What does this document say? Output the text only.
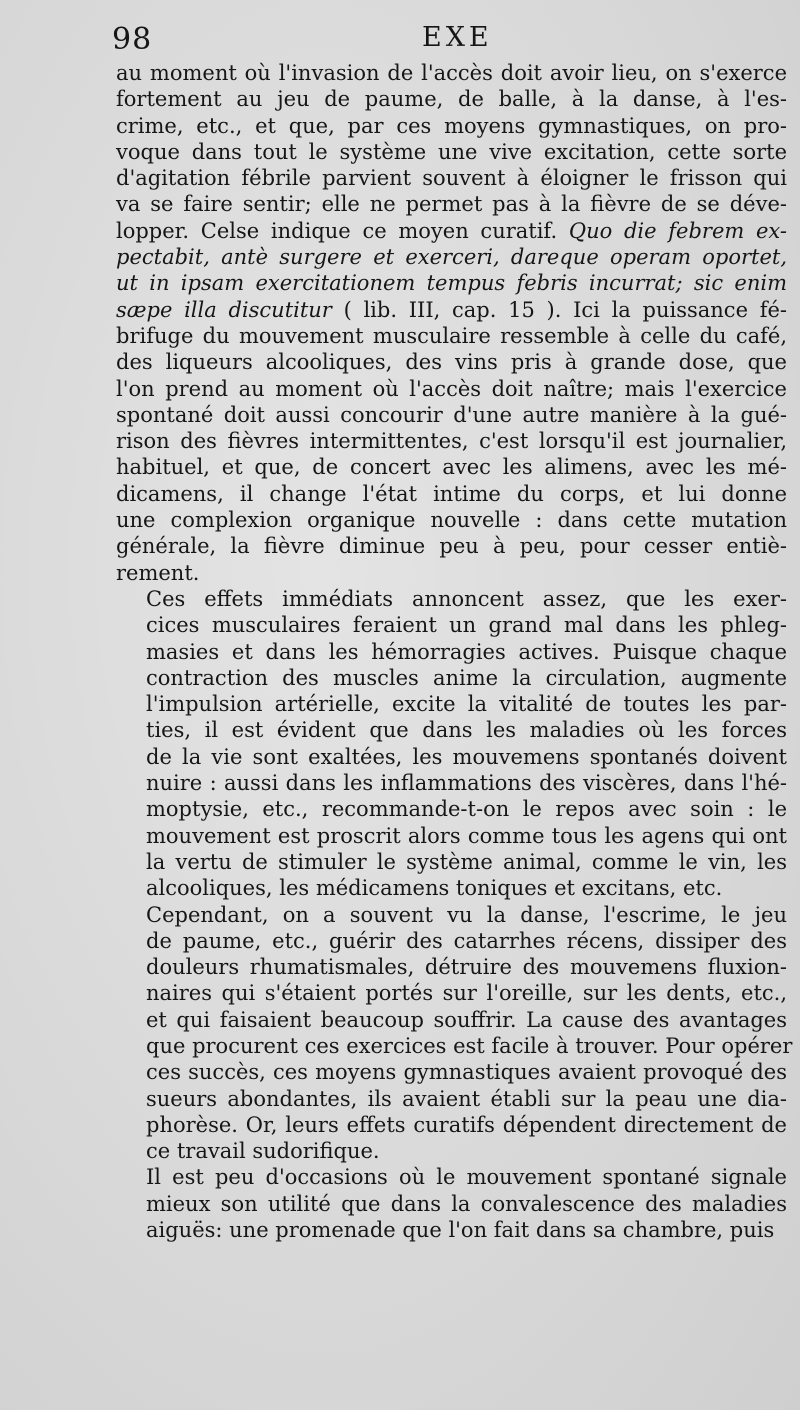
98	EXE

au moment où l'invasion de l'accès doit avoir lieu, on s'exerce
fortement au jeu de paume, de balle, à la danse, à l'es-
crime, etc., et que, par ces moyens gymnastiques, on pro-
voque dans tout le système une vive excitation, cette sorte
d'agitation fébrile parvient souvent à éloigner le frisson qui
va se faire sentir; elle ne permet pas à la fièvre de se déve-
lopper. Celse indique ce moyen curatif. Quo die febrem ex-
pectabit, antè surgere et exerceri, dareque operam oportet,
ut in ipsam exercitationem tempus febris incurrat; sic enim
sæpe illa discutitur ( lib. III, cap. 15 ). Ici la puissance fé-
brifuge du mouvement musculaire ressemble à celle du café,
des liqueurs alcooliques, des vins pris à grande dose, que
l'on prend au moment où l'accès doit naître; mais l'exercice
spontané doit aussi concourir d'une autre manière à la gué-
rison des fièvres intermittentes, c'est lorsqu'il est journalier,
habituel, et que, de concert avec les alimens, avec les mé-
dicamens, il change l'état intime du corps, et lui donne
une complexion organique nouvelle : dans cette mutation
générale, la fièvre diminue peu à peu, pour cesser entiè-
rement.

Ces effets immédiats annoncent assez, que les exer-
cices musculaires feraient un grand mal dans les phleg-
masies et dans les hémorragies actives. Puisque chaque
contraction des muscles anime la circulation, augmente
l'impulsion artérielle, excite la vitalité de toutes les par-
ties, il est évident que dans les maladies où les forces
de la vie sont exaltées, les mouvemens spontanés doivent
nuire : aussi dans les inflammations des viscères, dans l'hé-
moptysie, etc., recommande-t-on le repos avec soin : le
mouvement est proscrit alors comme tous les agens qui ont
la vertu de stimuler le système animal, comme le vin, les
alcooliques, les médicamens toniques et excitans, etc.

Cependant, on a souvent vu la danse, l'escrime, le jeu
de paume, etc., guérir des catarrhes récens, dissiper des
douleurs rhumatismales, détruire des mouvemens fluxion-
naires qui s'étaient portés sur l'oreille, sur les dents, etc.,
et qui faisaient beaucoup souffrir. La cause des avantages
que procurent ces exercices est facile à trouver. Pour opérer
ces succès, ces moyens gymnastiques avaient provoqué des
sueurs abondantes, ils avaient établi sur la peau une dia-
phorèse. Or, leurs effets curatifs dépendent directement de
ce travail sudorifique.

Il est peu d'occasions où le mouvement spontané signale
mieux son utilité que dans la convalescence des maladies
aiguës: une promenade que l'on fait dans sa chambre, puis
